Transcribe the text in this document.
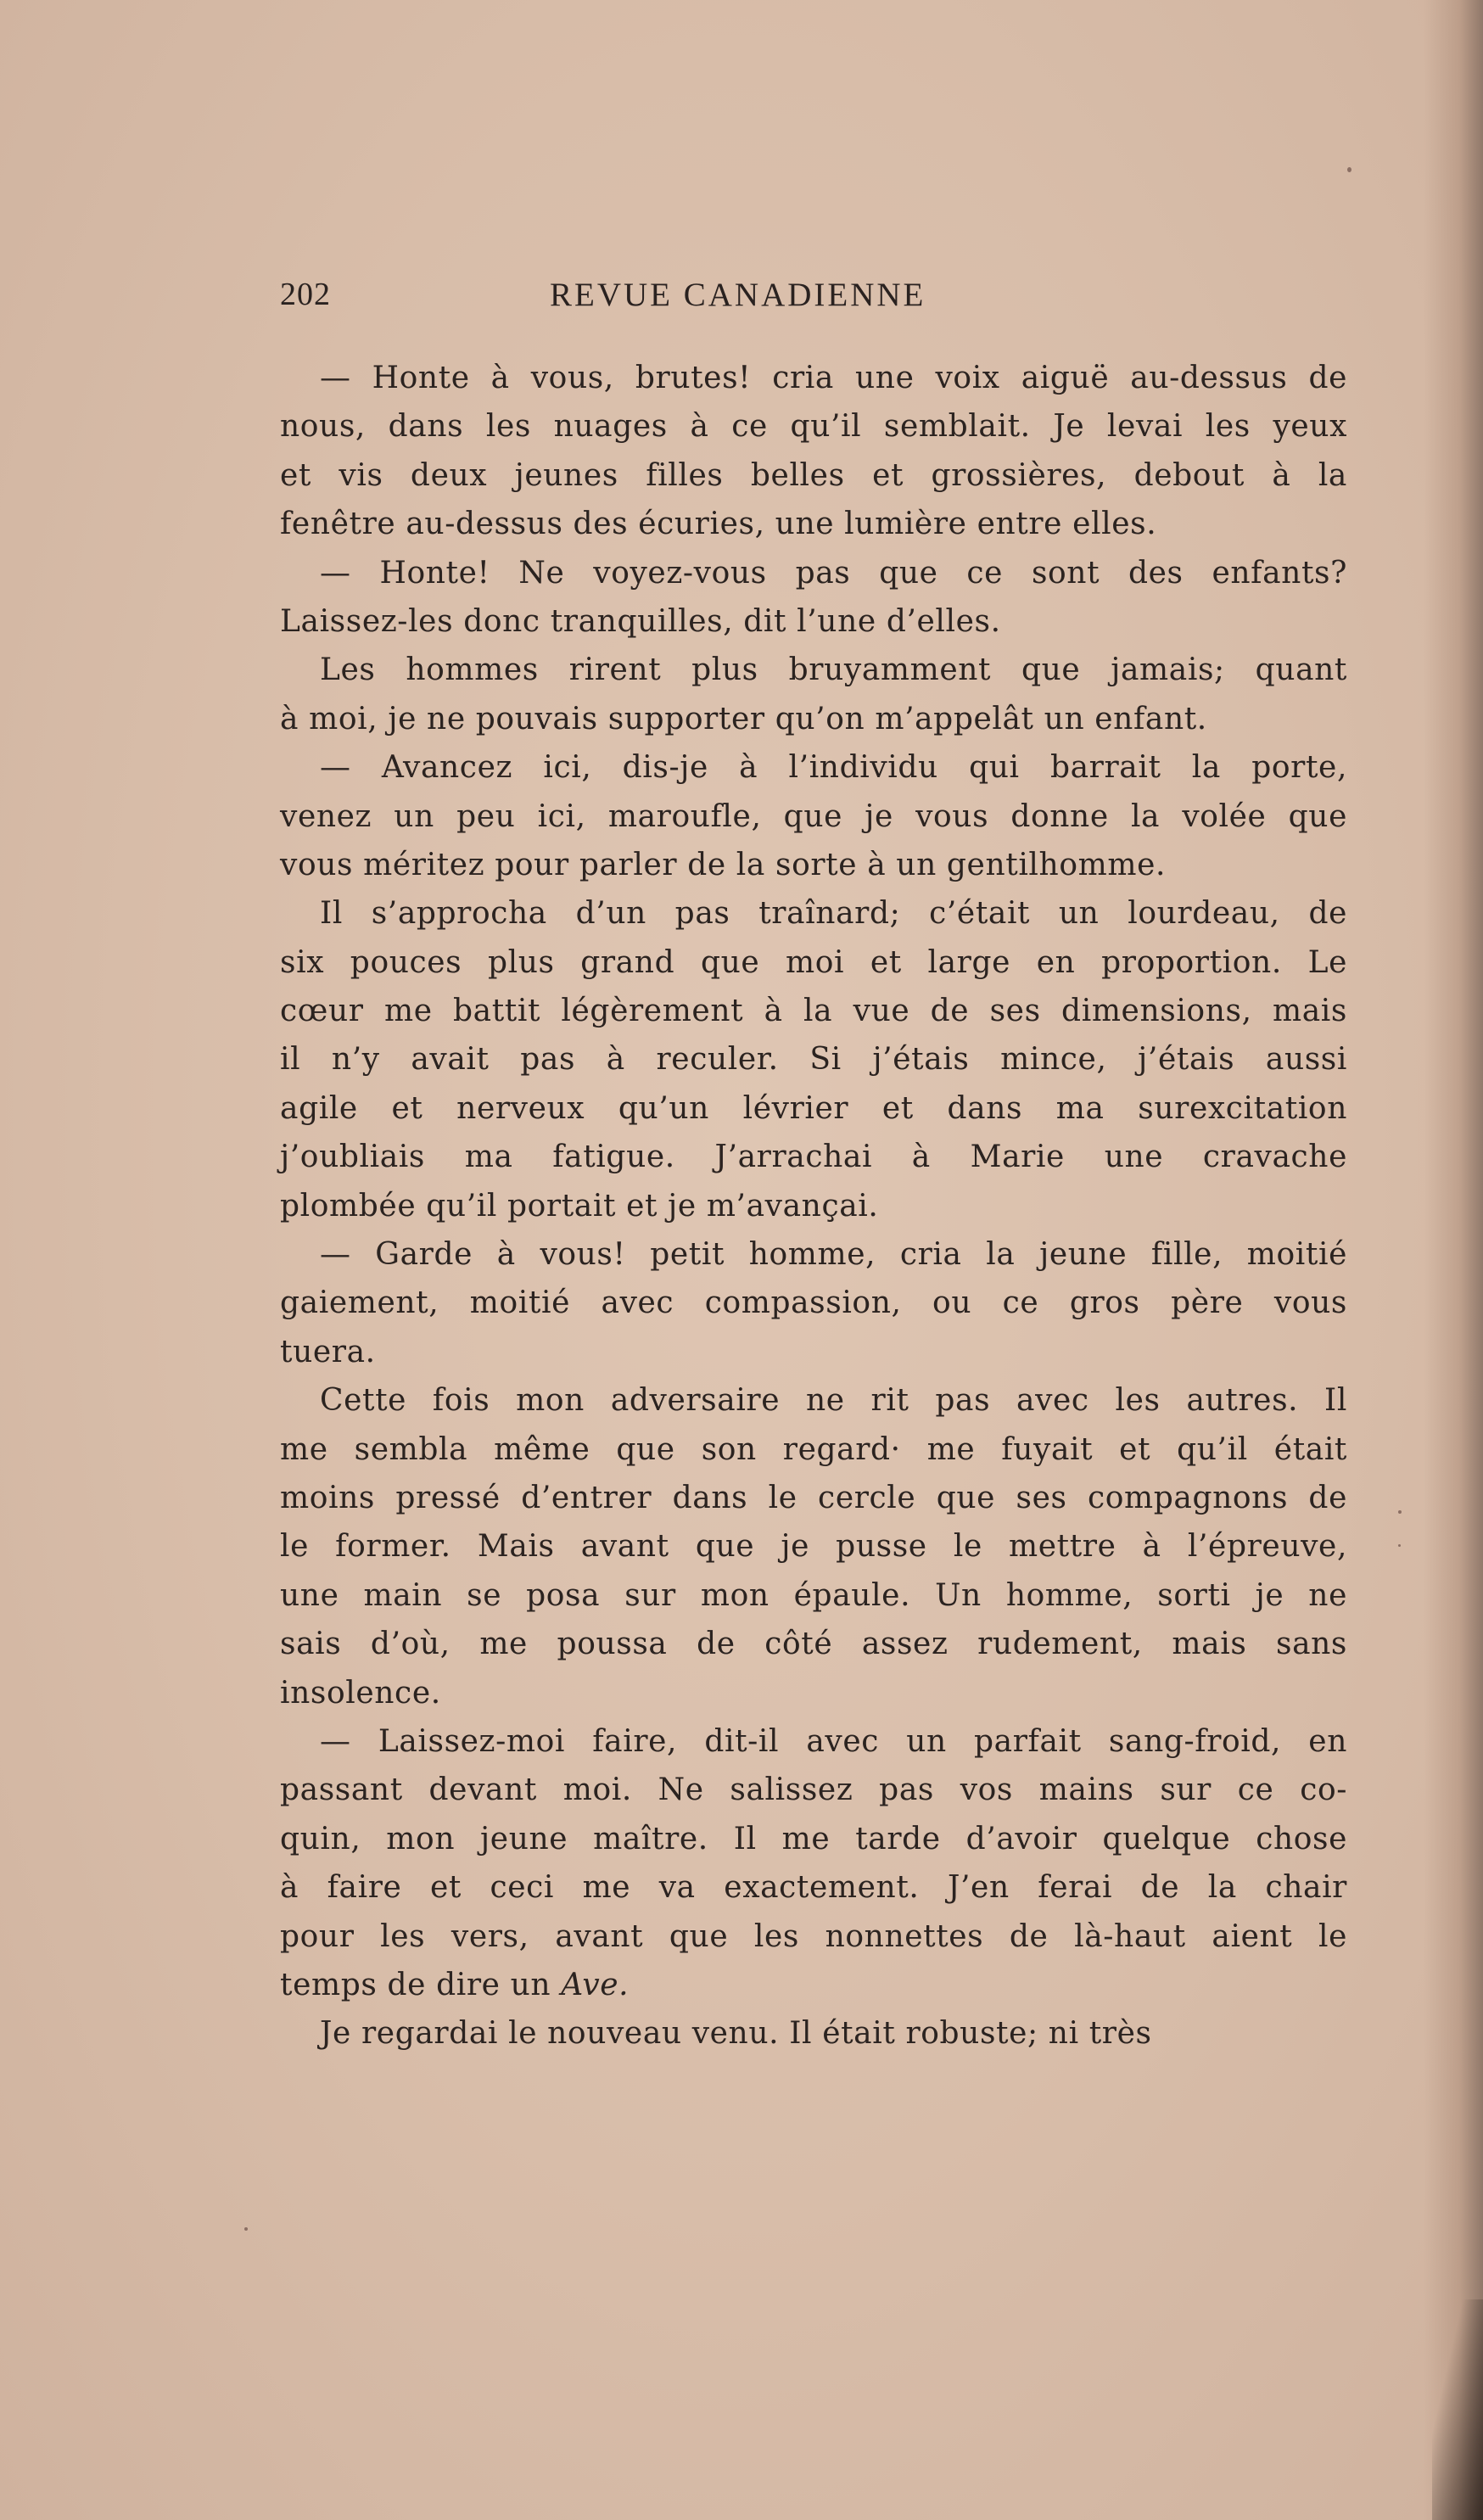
202	REVUE CANADIENNE
— Honte à vous, brutes! cria une voix aiguë au-dessus de
nous, dans les nuages à ce qu’il semblait. Je levai les yeux
et vis deux jeunes filles belles et grossières, debout à la
fenêtre au-dessus des écuries, une lumière entre elles.
— Honte! Ne voyez-vous pas que ce sont des enfants?
Laissez-les donc tranquilles, dit l’une d’elles.
Les hommes rirent plus bruyamment que jamais; quant
à moi, je ne pouvais supporter qu’on m’appelât un enfant.
— Avancez ici, dis-je à l’individu qui barrait la porte,
venez un peu ici, maroufle, que je vous donne la volée que
vous méritez pour parler de la sorte à un gentilhomme.
Il s’approcha d’un pas traînard; c’était un lourdeau, de
six pouces plus grand que moi et large en proportion. Le
cœur me battit légèrement à la vue de ses dimensions, mais
il n’y avait pas à reculer. Si j’étais mince, j’étais aussi
agile et nerveux qu’un lévrier et dans ma surexcitation
j’oubliais ma fatigue. J’arrachai à Marie une cravache
plombée qu’il portait et je m’avançai.
— Garde à vous! petit homme, cria la jeune fille, moitié
gaiement, moitié avec compassion, ou ce gros père vous
tuera.
Cette fois mon adversaire ne rit pas avec les autres. Il
me sembla même que son regard· me fuyait et qu’il était
moins pressé d’entrer dans le cercle que ses compagnons de
le former. Mais avant que je pusse le mettre à l’épreuve,
une main se posa sur mon épaule. Un homme, sorti je ne
sais d’où, me poussa de côté assez rudement, mais sans
insolence.
— Laissez-moi faire, dit-il avec un parfait sang-froid, en
passant devant moi. Ne salissez pas vos mains sur ce co-
quin, mon jeune maître. Il me tarde d’avoir quelque chose
à faire et ceci me va exactement. J’en ferai de la chair
pour les vers, avant que les nonnettes de là-haut aient le
temps de dire un Ave.
Je regardai le nouveau venu. Il était robuste; ni très
